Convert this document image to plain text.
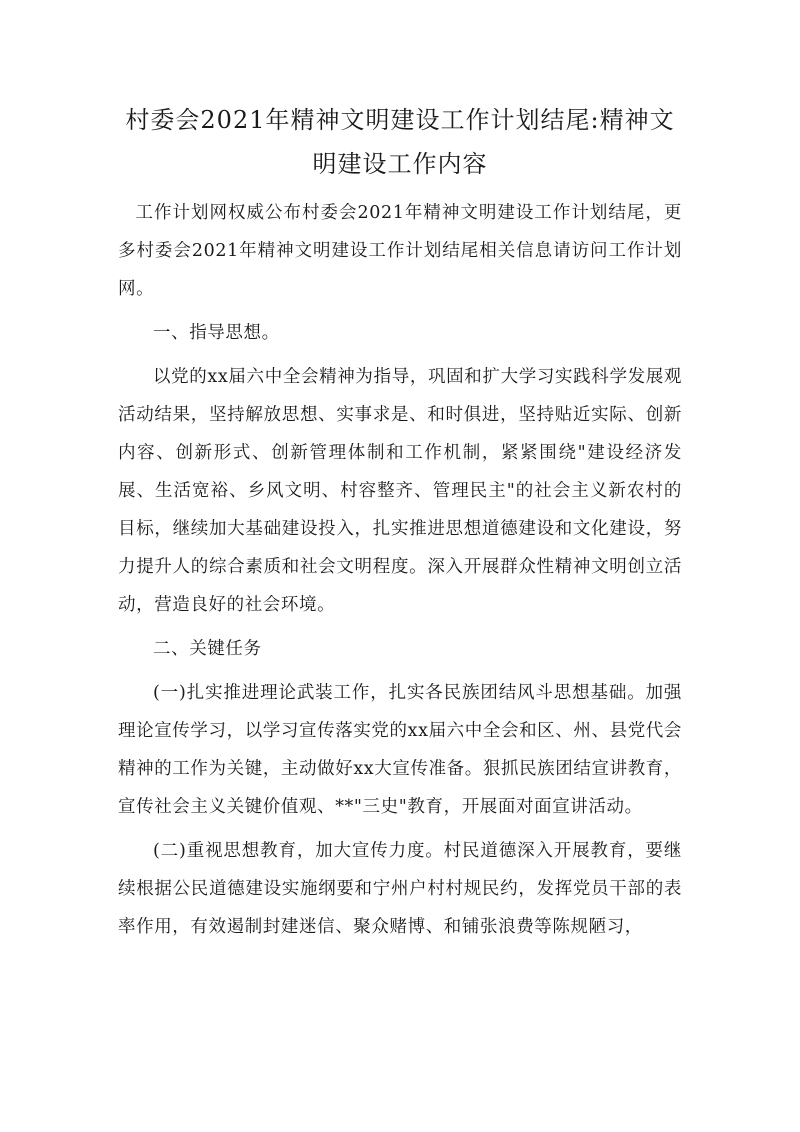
村委会2021年精神文明建设工作计划结尾:精神文明建设工作内容

工作计划网权威公布村委会2021年精神文明建设工作计划结尾，更多村委会2021年精神文明建设工作计划结尾相关信息请访问工作计划网。

一、指导思想。

以党的xx届六中全会精神为指导，巩固和扩大学习实践科学发展观活动结果，坚持解放思想、实事求是、和时俱进，坚持贴近实际、创新内容、创新形式、创新管理体制和工作机制，紧紧围绕"建设经济发展、生活宽裕、乡风文明、村容整齐、管理民主"的社会主义新农村的目标，继续加大基础建设投入，扎实推进思想道德建设和文化建设，努力提升人的综合素质和社会文明程度。深入开展群众性精神文明创立活动，营造良好的社会环境。

二、关键任务

(一)扎实推进理论武装工作，扎实各民族团结风斗思想基础。加强理论宣传学习，以学习宣传落实党的xx届六中全会和区、州、县党代会精神的工作为关键，主动做好xx大宣传准备。狠抓民族团结宣讲教育，宣传社会主义关键价值观、**"三史"教育，开展面对面宣讲活动。

(二)重视思想教育，加大宣传力度。村民道德深入开展教育，要继续根据公民道德建设实施纲要和宁州户村村规民约，发挥党员干部的表率作用，有效遏制封建迷信、聚众赌博、和铺张浪费等陈规陋习，
